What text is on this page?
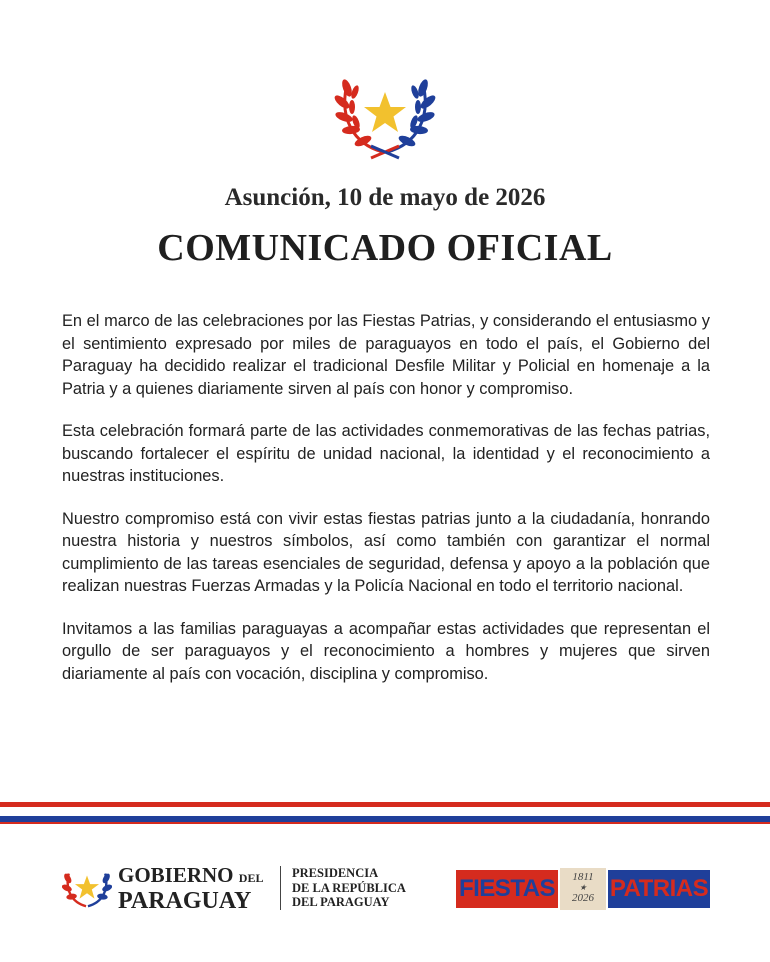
Asunción, 10 de mayo de 2026
COMUNICADO OFICIAL

En el marco de las celebraciones por las Fiestas Patrias, y considerando el entusiasmo y el sentimiento expresado por miles de paraguayos en todo el país, el Gobierno del Paraguay ha decidido realizar el tradicional Desfile Militar y Policial en homenaje a la Patria y a quienes diariamente sirven al país con honor y compromiso.

Esta celebración formará parte de las actividades conmemorativas de las fechas patrias, buscando fortalecer el espíritu de unidad nacional, la identidad y el reconocimiento a nuestras instituciones.

Nuestro compromiso está con vivir estas fiestas patrias junto a la ciudadanía, honrando nuestra historia y nuestros símbolos, así como también con garantizar el normal cumplimiento de las tareas esenciales de seguridad, defensa y apoyo a la población que realizan nuestras Fuerzas Armadas y la Policía Nacional en todo el territorio nacional.

Invitamos a las familias paraguayas a acompañar estas actividades que representan el orgullo de ser paraguayos y el reconocimiento a hombres y mujeres que sirven diariamente al país con vocación, disciplina y compromiso.

GOBIERNO DEL
PARAGUAY
PRESIDENCIA
DE LA REPÚBLICA
DEL PARAGUAY	FIESTAS	1811
★
2026 PATRIAS
